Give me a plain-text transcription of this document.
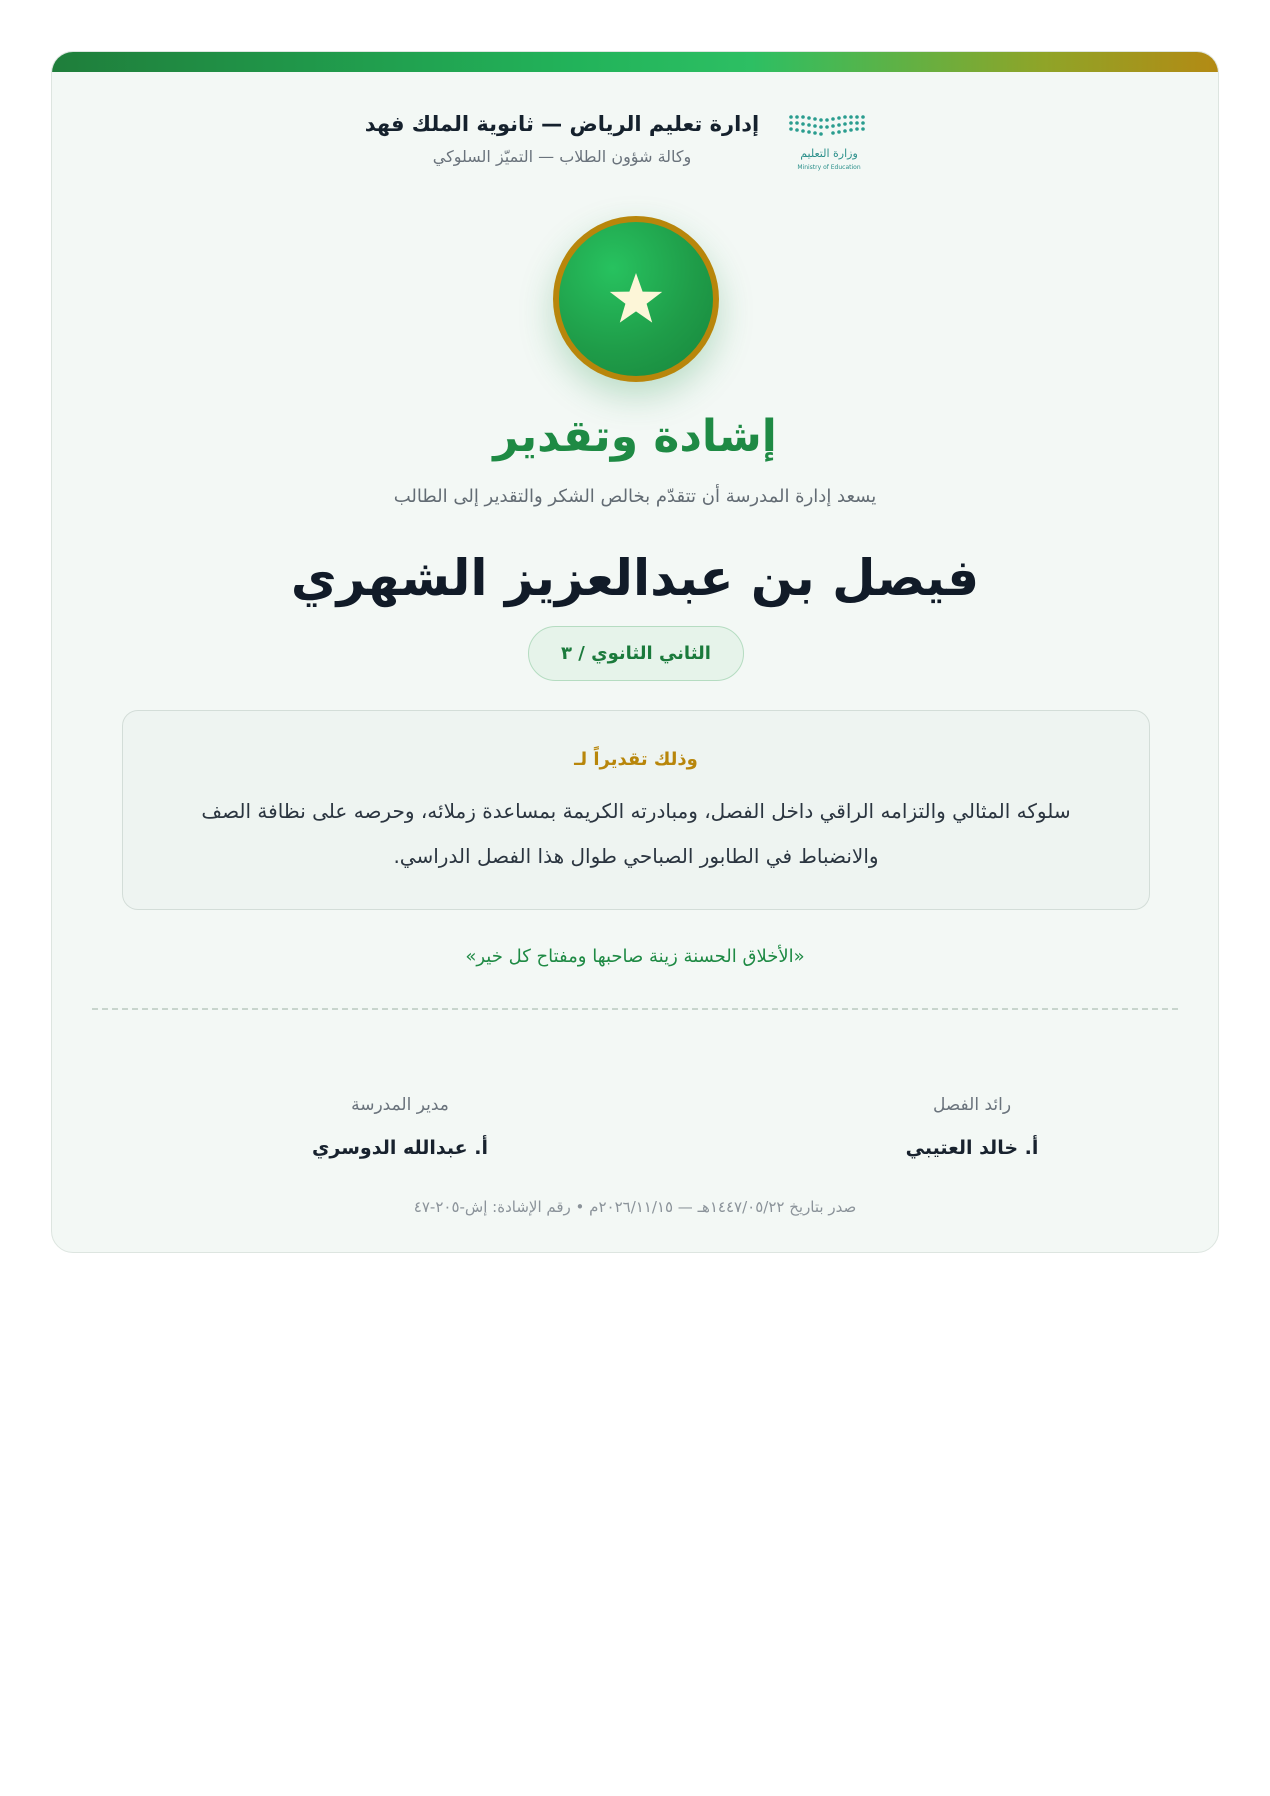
وزارة التعليم
Ministry of Education
إدارة تعليم الرياض — ثانوية الملك فهد
وكالة شؤون الطلاب — التميّز السلوكي
إشادة وتقدير
يسعد إدارة المدرسة أن تتقدّم بخالص الشكر والتقدير إلى الطالب
فيصل بن عبدالعزيز الشهري
الثاني الثانوي / ٣
وذلك تقديراً لـ
سلوكه المثالي والتزامه الراقي داخل الفصل، ومبادرته الكريمة بمساعدة زملائه، وحرصه على نظافة الصف والانضباط في الطابور الصباحي طوال هذا الفصل الدراسي.
«الأخلاق الحسنة زينة صاحبها ومفتاح كل خير»
رائد الفصل
أ. خالد العتيبي
مدير المدرسة
أ. عبدالله الدوسري
صدر بتاريخ ١٤٤٧/٠٥/٢٢هـ — ٢٠٢٦/١١/١٥م • رقم الإشادة: إش-٢٠٥-٤٧
